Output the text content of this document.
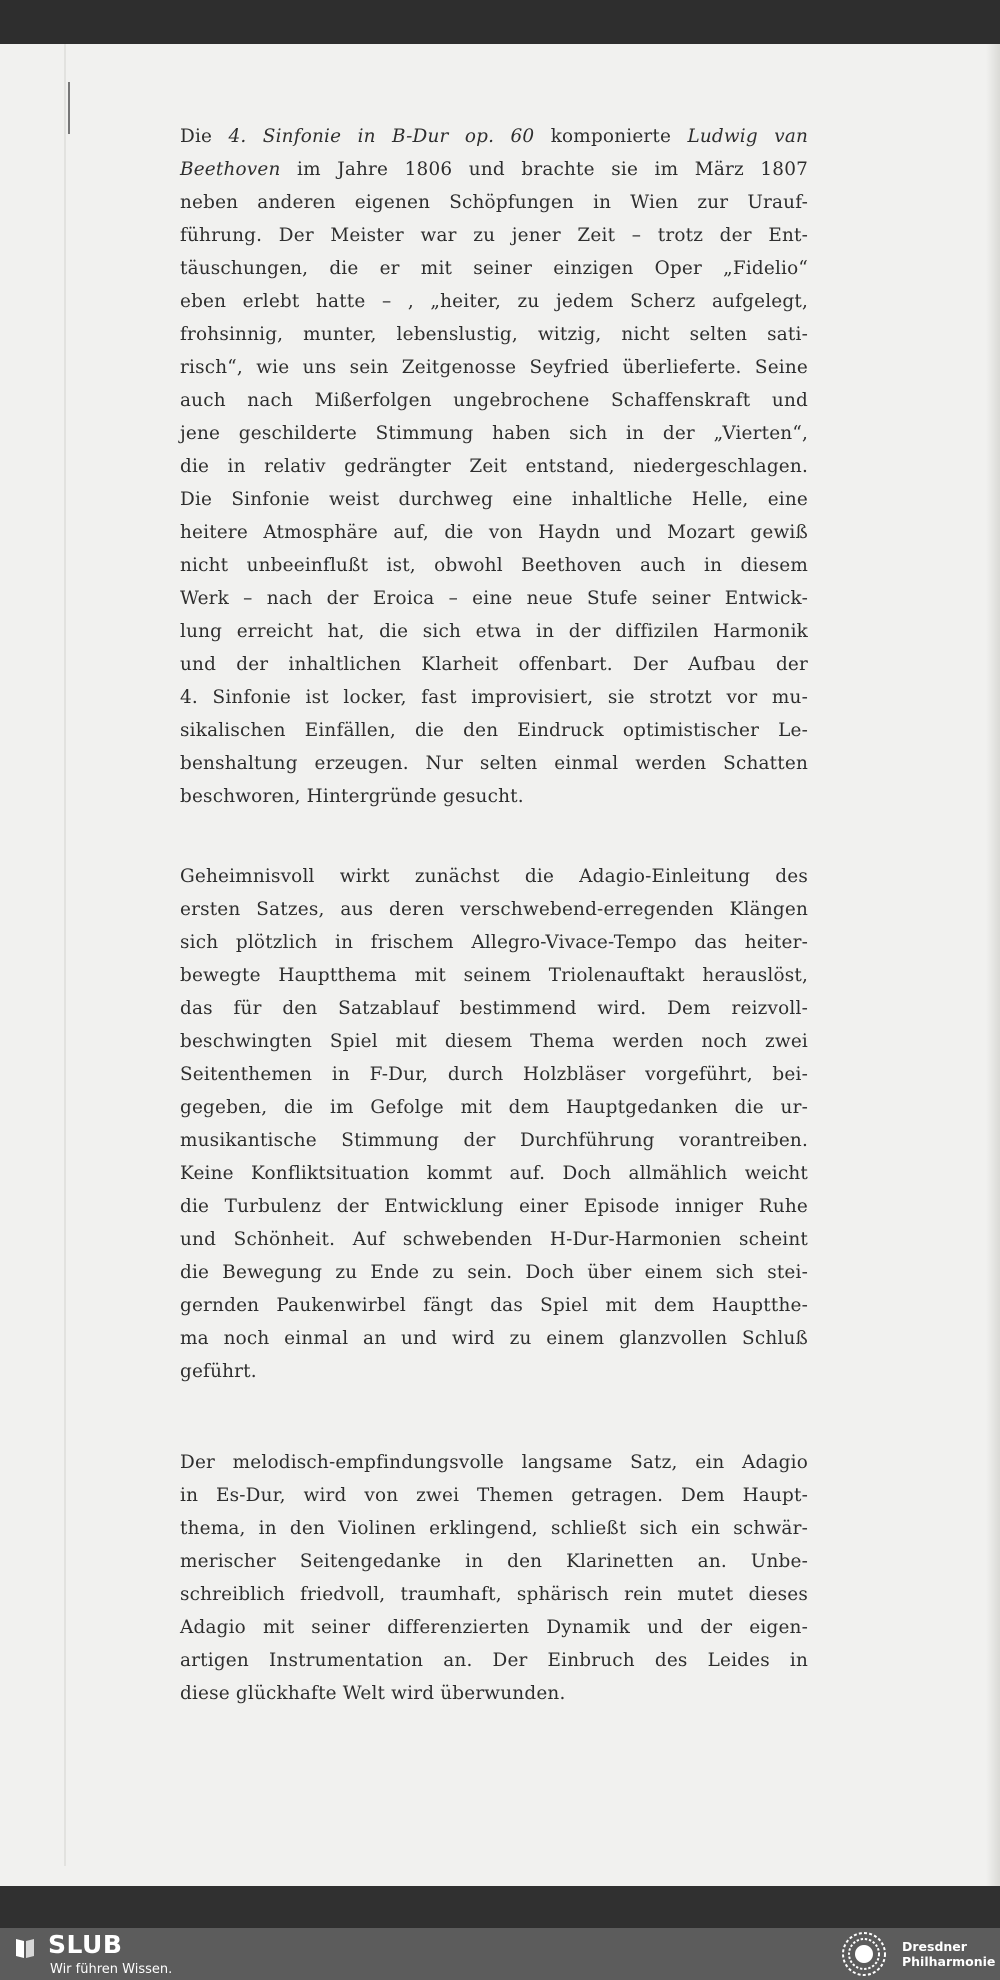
Die 4. Sinfonie in B-Dur op. 60 komponierte Ludwig van
Beethoven im Jahre 1806 und brachte sie im März 1807
neben anderen eigenen Schöpfungen in Wien zur Urauf-
führung. Der Meister war zu jener Zeit – trotz der Ent-
täuschungen, die er mit seiner einzigen Oper „Fidelio“
eben erlebt hatte – , „heiter, zu jedem Scherz aufgelegt,
frohsinnig, munter, lebenslustig, witzig, nicht selten sati-
risch“, wie uns sein Zeitgenosse Seyfried überlieferte. Seine
auch nach Mißerfolgen ungebrochene Schaffenskraft und
jene geschilderte Stimmung haben sich in der „Vierten“,
die in relativ gedrängter Zeit entstand, niedergeschlagen.
Die Sinfonie weist durchweg eine inhaltliche Helle, eine
heitere Atmosphäre auf, die von Haydn und Mozart gewiß
nicht unbeeinflußt ist, obwohl Beethoven auch in diesem
Werk – nach der Eroica – eine neue Stufe seiner Entwick-
lung erreicht hat, die sich etwa in der diffizilen Harmonik
und der inhaltlichen Klarheit offenbart. Der Aufbau der
4. Sinfonie ist locker, fast improvisiert, sie strotzt vor mu-
sikalischen Einfällen, die den Eindruck optimistischer Le-
benshaltung erzeugen. Nur selten einmal werden Schatten
beschworen, Hintergründe gesucht.
Geheimnisvoll wirkt zunächst die Adagio-Einleitung des
ersten Satzes, aus deren verschwebend-erregenden Klängen
sich plötzlich in frischem Allegro-Vivace-Tempo das heiter-
bewegte Hauptthema mit seinem Triolenauftakt herauslöst,
das für den Satzablauf bestimmend wird. Dem reizvoll-
beschwingten Spiel mit diesem Thema werden noch zwei
Seitenthemen in F-Dur, durch Holzbläser vorgeführt, bei-
gegeben, die im Gefolge mit dem Hauptgedanken die ur-
musikantische Stimmung der Durchführung vorantreiben.
Keine Konfliktsituation kommt auf. Doch allmählich weicht
die Turbulenz der Entwicklung einer Episode inniger Ruhe
und Schönheit. Auf schwebenden H-Dur-Harmonien scheint
die Bewegung zu Ende zu sein. Doch über einem sich stei-
gernden Paukenwirbel fängt das Spiel mit dem Hauptthe-
ma noch einmal an und wird zu einem glanzvollen Schluß
geführt.
Der melodisch-empfindungsvolle langsame Satz, ein Adagio
in Es-Dur, wird von zwei Themen getragen. Dem Haupt-
thema, in den Violinen erklingend, schließt sich ein schwär-
merischer Seitengedanke in den Klarinetten an. Unbe-
schreiblich friedvoll, traumhaft, sphärisch rein mutet dieses
Adagio mit seiner differenzierten Dynamik und der eigen-
artigen Instrumentation an. Der Einbruch des Leides in
diese glückhafte Welt wird überwunden.
SLUB
Wir führen Wissen.
Dresdner
Philharmonie
